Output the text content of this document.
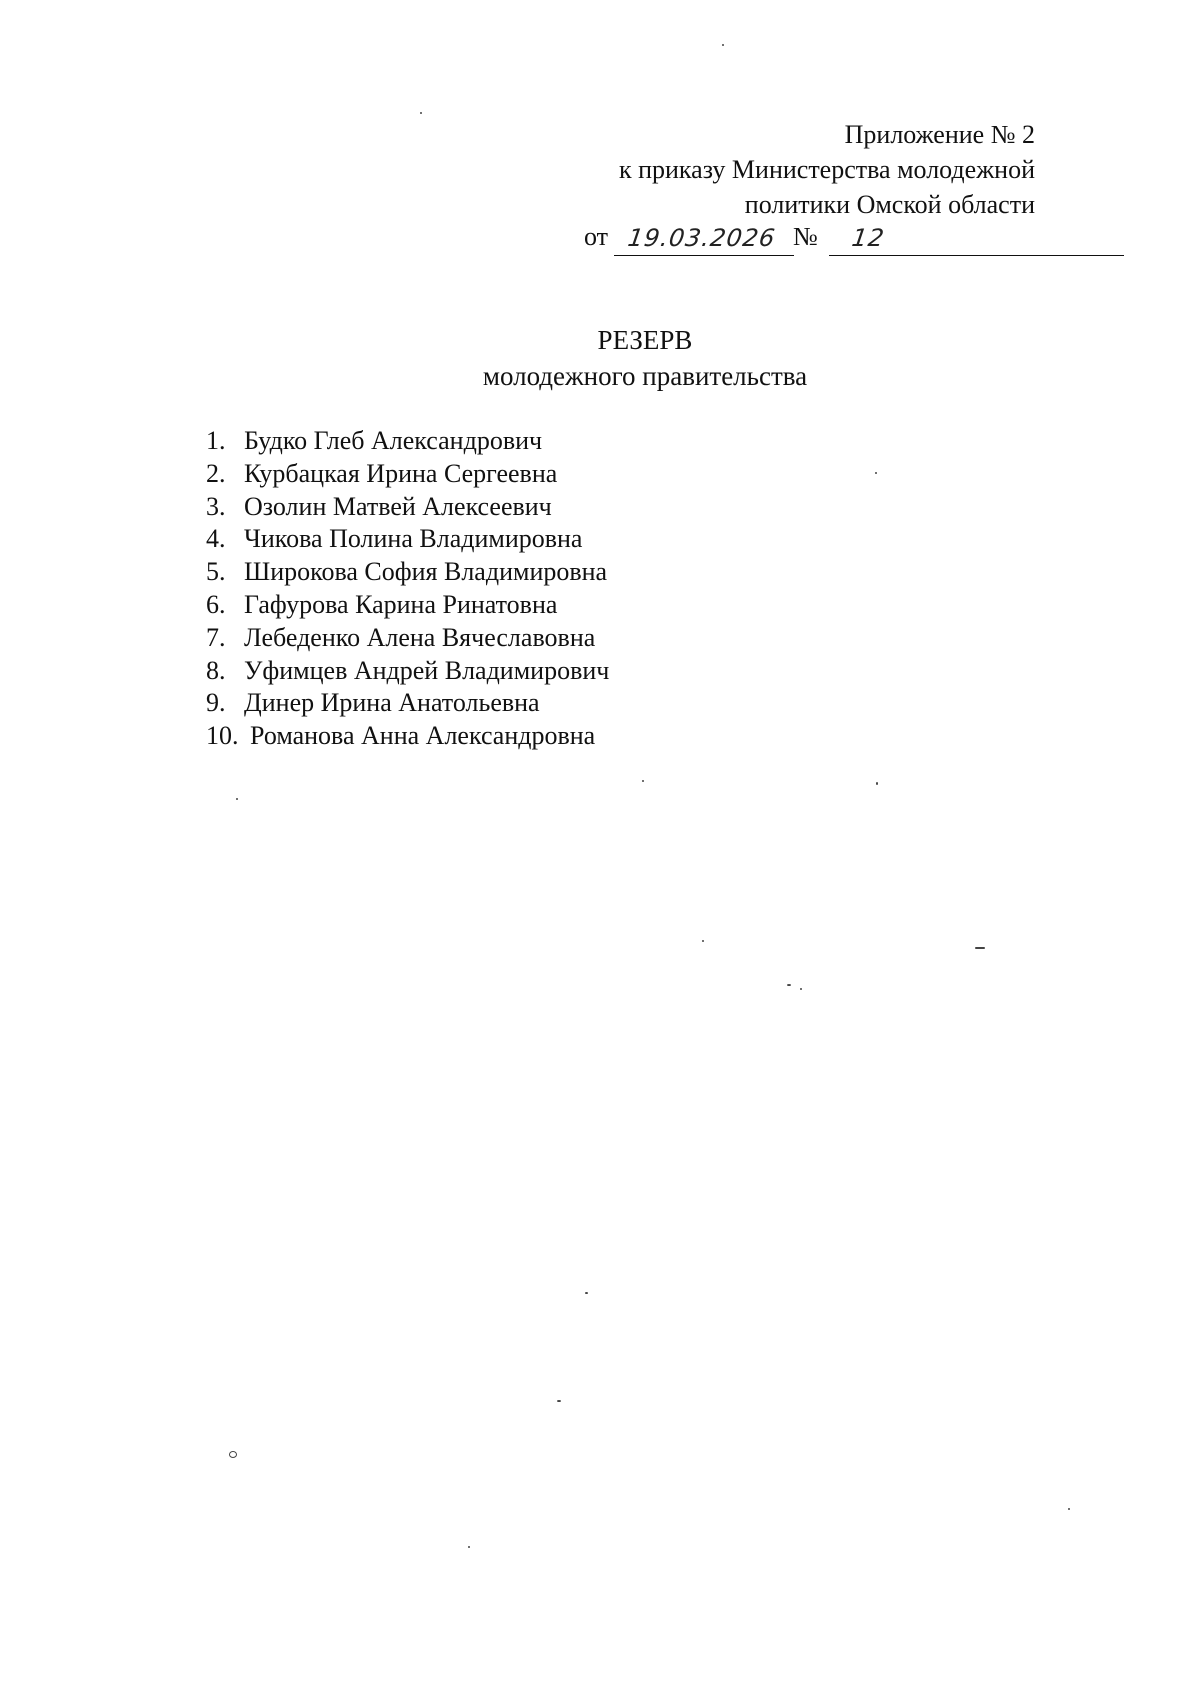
Приложение № 2
к приказу Министерства молодежной
политики Омской области
от 19.03.2026 № 12
РЕЗЕРВ
молодежного правительства
1. Будко Глеб Александрович
2. Курбацкая Ирина Сергеевна
3. Озолин Матвей Алексеевич
4. Чикова Полина Владимировна
5. Широкова София Владимировна
6. Гафурова Карина Ринатовна
7. Лебеденко Алена Вячеславовна
8. Уфимцев Андрей Владимирович
9. Динер Ирина Анатольевна
10. Романова Анна Александровна
